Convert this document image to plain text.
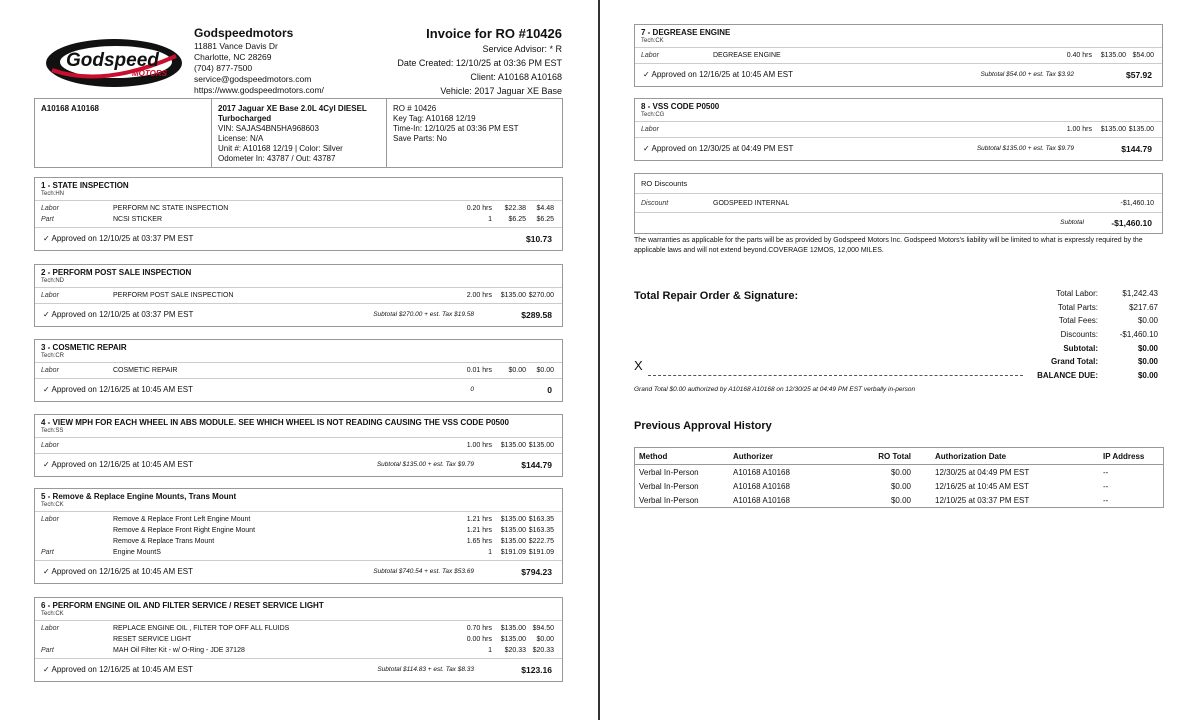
Godspeed
MOTORS
Godspeedmotors
11881 Vance Davis Dr
Charlotte, NC 28269
(704) 877-7500
service@godspeedmotors.com
https://www.godspeedmotors.com/
Invoice for RO #10426
Service Advisor: * R
Date Created: 12/10/25 at 03:36 PM EST
Client: A10168 A10168
Vehicle: 2017 Jaguar XE Base
A10168 A10168	2017 Jaguar XE Base 2.0L 4Cyl DIESEL
Turbocharged
VIN: SAJAS4BN5HA968603
License: N/A
Unit #: A10168 12/19 | Color: Silver
Odometer In: 43787 / Out: 43787
RO # 10426
Key Tag: A10168 12/19
Time-In: 12/10/25 at 03:36 PM EST
Save Parts: No
1 - STATE INSPECTION
Tech:HN
Labor	PERFORM NC STATE INSPECTION	0.20 hrs $22.38 $4.48
Part	NCSI STICKER	1 $6.25 $6.25
✓ Approved on 12/10/25 at 03:37 PM EST	$10.73
2 - PERFORM POST SALE INSPECTION
Tech:ND
Labor	PERFORM POST SALE INSPECTION	2.00 hrs $135.00 $270.00
✓ Approved on 12/10/25 at 03:37 PM EST	Subtotal $270.00 + est. Tax $19.58	$289.58
3 - COSMETIC REPAIR
Tech:CR
Labor	COSMETIC REPAIR	0.01 hrs $0.00 $0.00
✓ Approved on 12/16/25 at 10:45 AM EST	0	0
4 - VIEW MPH FOR EACH WHEEL IN ABS MODULE. SEE WHICH WHEEL IS NOT READING CAUSING THE VSS CODE P0500
Tech:SS
Labor	1.00 hrs $135.00 $135.00
✓ Approved on 12/16/25 at 10:45 AM EST	Subtotal $135.00 + est. Tax $9.79	$144.79
5 - Remove & Replace Engine Mounts, Trans Mount
Tech:CK
Labor	Remove & Replace Front Left Engine Mount	1.21 hrs $135.00 $163.35
Remove & Replace Front Right Engine Mount	1.21 hrs $135.00 $163.35
Remove & Replace Trans Mount	1.65 hrs $135.00 $222.75
Part	Engine MountS	1 $191.09 $191.09
✓ Approved on 12/16/25 at 10:45 AM EST	Subtotal $740.54 + est. Tax $53.69	$794.23
6 - PERFORM ENGINE OIL AND FILTER SERVICE / RESET SERVICE LIGHT
Tech:CK
Labor	REPLACE ENGINE OIL , FILTER TOP OFF ALL FLUIDS	0.70 hrs $135.00 $94.50
RESET SERVICE LIGHT	0.00 hrs $135.00 $0.00
Part	MAH Oil Filter Kit - w/ O-Ring - JDE 37128	1 $20.33 $20.33
✓ Approved on 12/16/25 at 10:45 AM EST	Subtotal $114.83 + est. Tax $8.33	$123.16
7 - DEGREASE ENGINE
Tech:CK
Labor	DEGREASE ENGINE	0.40 hrs $135.00 $54.00
✓ Approved on 12/16/25 at 10:45 AM EST	Subtotal $54.00 + est. Tax $3.92	$57.92
8 - VSS CODE P0500
Tech:CG
Labor	1.00 hrs $135.00 $135.00
✓ Approved on 12/30/25 at 04:49 PM EST	Subtotal $135.00 + est. Tax $9.79	$144.79
RO Discounts
Discount	GODSPEED INTERNAL	-$1,460.10
Subtotal	-$1,460.10
The warranties as applicable for the parts will be as provided by Godspeed Motors Inc. Godspeed Motors's liability will be limited to what is expressly required by the applicable laws and will not extend beyond.COVERAGE 12MOS, 12,000 MILES.
Total Repair Order & Signature:	Total Labor:	$1,242.43
Total Parts:	$217.67
Total Fees:	$0.00
Discounts:	-$1,460.10
Subtotal:	$0.00
Grand Total:	$0.00
BALANCE DUE:	$0.00
X
Grand Total $0.00 authorized by A10168 A10168 on 12/30/25 at 04:49 PM EST verbally in-person
Previous Approval History
Method	Authorizer	RO Total	Authorization Date	IP Address
Verbal In-Person	A10168 A10168	$0.00	12/30/25 at 04:49 PM EST	--
Verbal In-Person	A10168 A10168	$0.00	12/16/25 at 10:45 AM EST	--
Verbal In-Person	A10168 A10168	$0.00	12/10/25 at 03:37 PM EST	--
